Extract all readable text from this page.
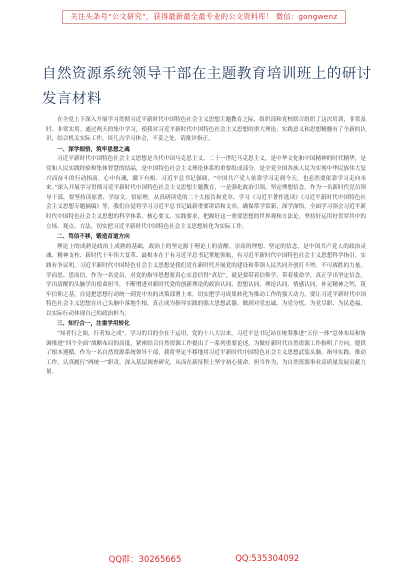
关注头条号“公文研究”，获得最新最全最专业的公文资料库！ 微信：gongwenz
自然资源系统领导干部在主题教育培训班上的研讨发言材料

在全党上下深入开展学习贯彻习近平新时代中国特色社会主义思想主题教育之际，组织部和党校联合组织了这次培训，非常及时、非常实用。通过两天的集中学习，使我对习近平新时代中国特色社会主义思想的重大理论、实践意义和思想精髓有了全新的认识，结合机关实际工作，谈几点学习体会，不妥之处，请批评指正。

一、深学细悟，筑牢思想之魂

习近平新时代中国特色社会主义思想是当代中国马克思主义、二十一世纪马克思主义，是中华文化和中国精神的时代精华，是党和人民实践经验和集体智慧的结晶，是中国特色社会主义理论体系的重要组成部分，是全党全国各族人民为实现中华民族伟大复兴而奋斗的行动指南。心中有魂，脚下有根。习近平总书记强调，“中国共产党人依靠学习走到今天，也必然要依靠学习走向未来。”深入开展学习贯彻习近平新时代中国特色社会主义思想主题教育，一是强化政治引领，坚定理想信念，作为一名新时代党员领导干部，要坚持读原著、学原文、悟原理，从真研读党的二十大报告和党章、学习《习近平著作选读》《习近平新时代中国特色社会主义思想专题摘编》等，我们自觉将学习习近平总书记最新重要讲话和文章，确保常学常新、深学深悟，全面学习领会习近平新时代中国特色社会主义思想的科学体系、核心要义、实践要求，把握好这一重要思想的世界观和方法论，坚持好运用好贯穿其中的立场、观点、方法，切实把习近平新时代中国特色社会主义思想转化为实际工作。

二、笃信不移，锻造首道方向

理论上的成熟是政治上成熟的基础，政治上的坚定源于理论上的清醒。崇高的理想、坚定的信念，是中国共产党人的政治灵魂、精神支柱、新时代十年伟大变革、最根本在于有习近平总书记掌舵领航，有习近平新时代中国特色社会主义思想科学指引。实践有争议明，习近平新时代中国特色社会主义思想是我们党在新时代开展党的建设和带领人民共同开创打不垮、不可战胜的力量。学而思、思而信，作为一名党员，对党的指导思想要真心实意信得“真信”，就是要带着信仰学，带着使命学，真正学出坚定信念，学出清醒的头脑学出使命担当，不断增进对新时代党的创新理论的政治认同、思想认同、理论认同、情感认同，补足精神之钙，筑牢信仰之基，自觉把思想行动统一到党中央的决策部署上来，切实把学习成果转化为推动工作的强大动力。要让习近平新时代中国特色社会主义思想在自己头脑中落地生根，真正成为指导实践的强大思想武器，做到对党忠诚、为党分忧、为党尽职、为民造福，以实际行动体现自己的政治担当。

三、知行合一，注重学用转化

“知者行之始，行者知之成”。学习的目的全在于运用，党的十八大以来，习近平总书记站在统筹推进“五位一体”总体布局和协调推进“四个全面”战略布局的高度，紧密结合自然资源工作提出了一系列重要论述，为做好新时代自然资源工作指明了方向，提供了根本遵循。作为一名自然资源系统领导干部，我将坚定不移地用习近平新时代中国特色社会主义思想武装头脑、指导实践、推动工作，认真履行“两统一”职责，深入基层调查研究，从而在新征程上坚守初心使命、担当作为，为自然资源事业高质量发展贡献力量。

QQ群：30265665	QQ:535304092
